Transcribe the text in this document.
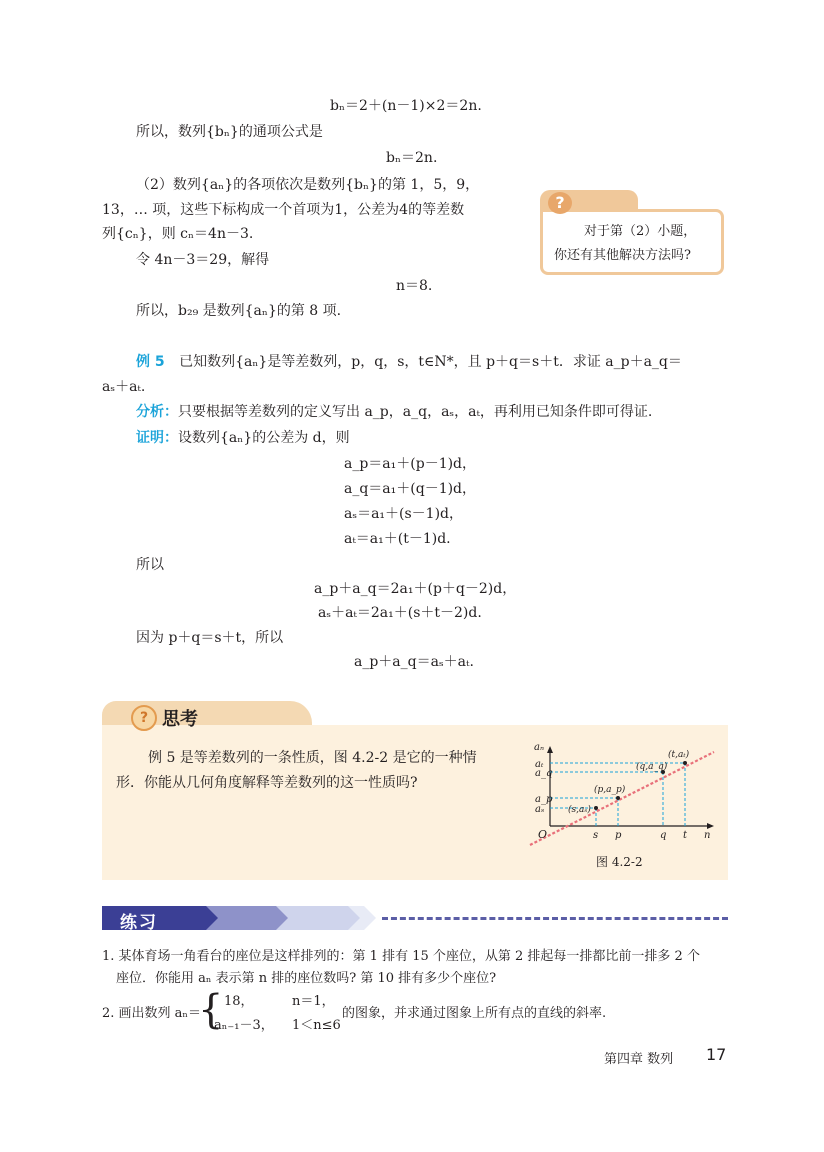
bₙ＝2＋(n－1)×2＝2n.
所以，数列{bₙ}的通项公式是
bₙ＝2n.
（2）数列{aₙ}的各项依次是数列{bₙ}的第 1，5，9，
13，… 项，这些下标构成一个首项为1，公差为4的等差数
列{cₙ}，则 cₙ＝4n－3.
令 4n－3＝29，解得
n＝8.
所以，b₂₉ 是数列{aₙ}的第 8 项.
?
对于第（2）小题，
你还有其他解决方法吗?
例 5 已知数列{aₙ}是等差数列，p，q，s，t∈N*，且 p＋q＝s＋t．求证 a_p＋a_q＝
aₛ＋aₜ.
分析：只要根据等差数列的定义写出 a_p，a_q，aₛ，aₜ，再利用已知条件即可得证.
证明：设数列{aₙ}的公差为 d，则
a_p＝a₁＋(p－1)d，
a_q＝a₁＋(q－1)d，
aₛ＝a₁＋(s－1)d，
aₜ＝a₁＋(t－1)d.
所以
a_p＋a_q＝2a₁＋(p＋q－2)d，
aₛ＋aₜ＝2a₁＋(s＋t－2)d.
因为 p＋q＝s＋t，所以
a_p＋a_q＝aₛ＋aₜ.
? 思考
例 5 是等差数列的一条性质，图 4.2-2 是它的一种情
形．你能从几何角度解释等差数列的这一性质吗?
aₙ
aₜ
a_q
a_p
aₛ
O	s p	q t n
(s,aₛ)
(p,a_p)
(q,a_q)
(t,aₜ)
图 4.2-2
练习
1. 某体育场一角看台的座位是这样排列的：第 1 排有 15 个座位，从第 2 排起每一排都比前一排多 2 个
座位．你能用 aₙ 表示第 n 排的座位数吗? 第 10 排有多少个座位?
2. 画出数列 aₙ＝
{ 18，	n＝1，
aₙ₋₁－3， 1＜n≤6
的图象，并求通过图象上所有点的直线的斜率.
第四章 数列 17
